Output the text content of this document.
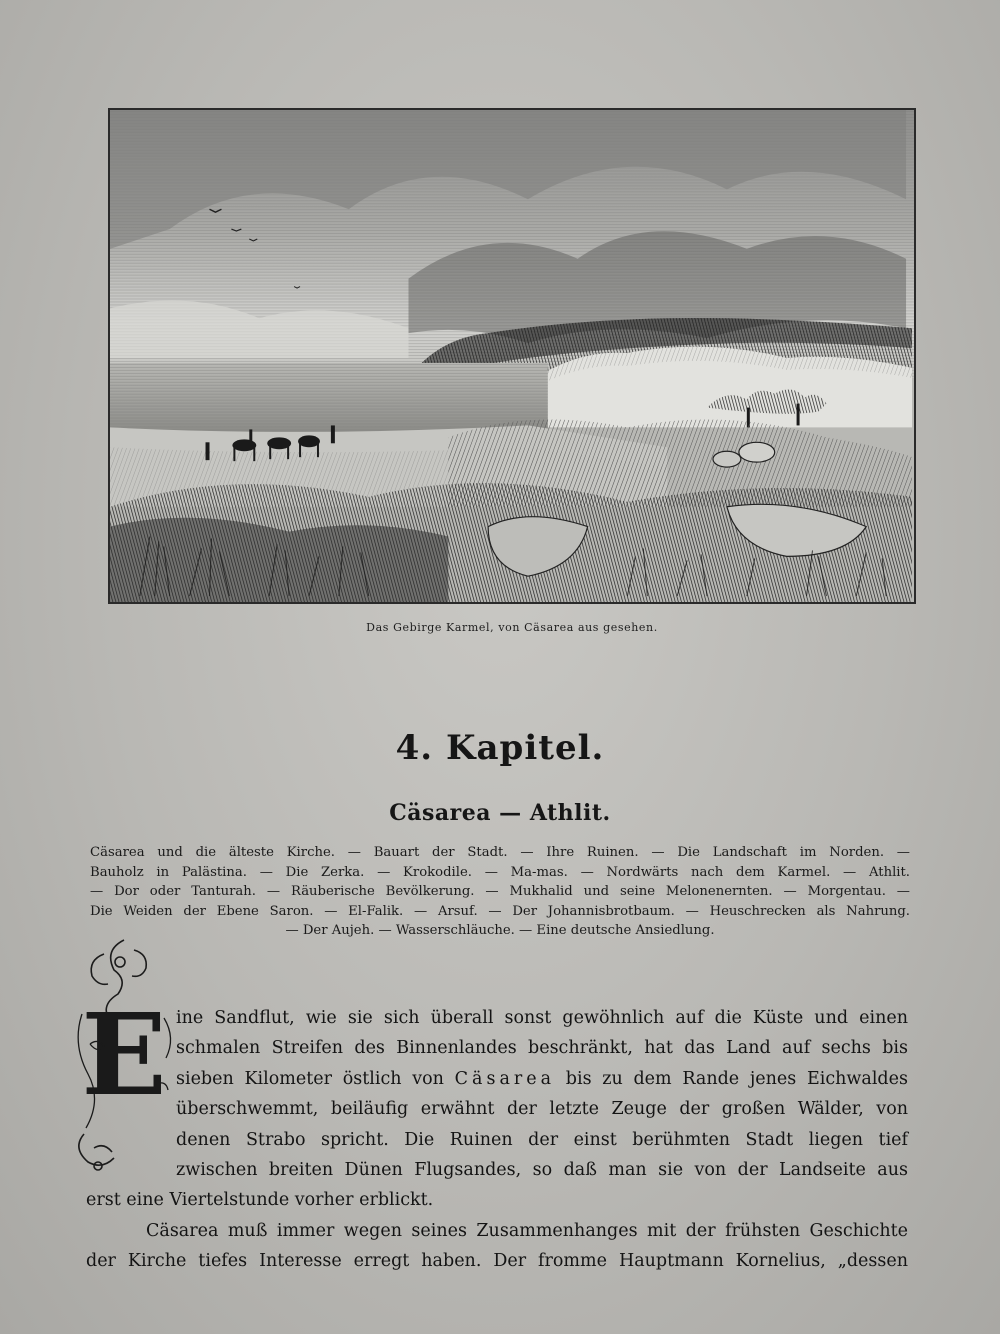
Das Gebirge Karmel, von Cäsarea aus gesehen.
4. Kapitel.
Cäsarea — Athlit.
Cäsarea und die älteste Kirche. — Bauart der Stadt. — Ihre Ruinen. — Die Landschaft im Norden. —
Bauholz in Palästina. — Die Zerka. — Krokodile. — Ma-mas. — Nordwärts nach dem Karmel. — Athlit.
— Dor oder Tanturah. — Räuberische Bevölkerung. — Mukhalid und seine Melonenernten. — Morgentau. —
Die Weiden der Ebene Saron. — El-Falik. — Arsuf. — Der Johannisbrotbaum. — Heuschrecken als Nahrung.
— Der Aujeh. — Wasserschläuche. — Eine deutsche Ansiedlung.
E ine Sandflut, wie sie sich überall sonst gewöhnlich auf die Küste und einen
schmalen Streifen des Binnenlandes beschränkt, hat das Land auf sechs bis
sieben Kilometer östlich von Cäsarea bis zu dem Rande jenes Eichwaldes
überschwemmt, beiläufig erwähnt der letzte Zeuge der großen Wälder, von
denen Strabo spricht. Die Ruinen der einst berühmten Stadt liegen tief
zwischen breiten Dünen Flugsandes, so daß man sie von der Landseite aus
erst eine Viertelstunde vorher erblickt.
Cäsarea muß immer wegen seines Zusammenhanges mit der frühsten Geschichte
der Kirche tiefes Interesse erregt haben. Der fromme Hauptmann Kornelius, „dessen
